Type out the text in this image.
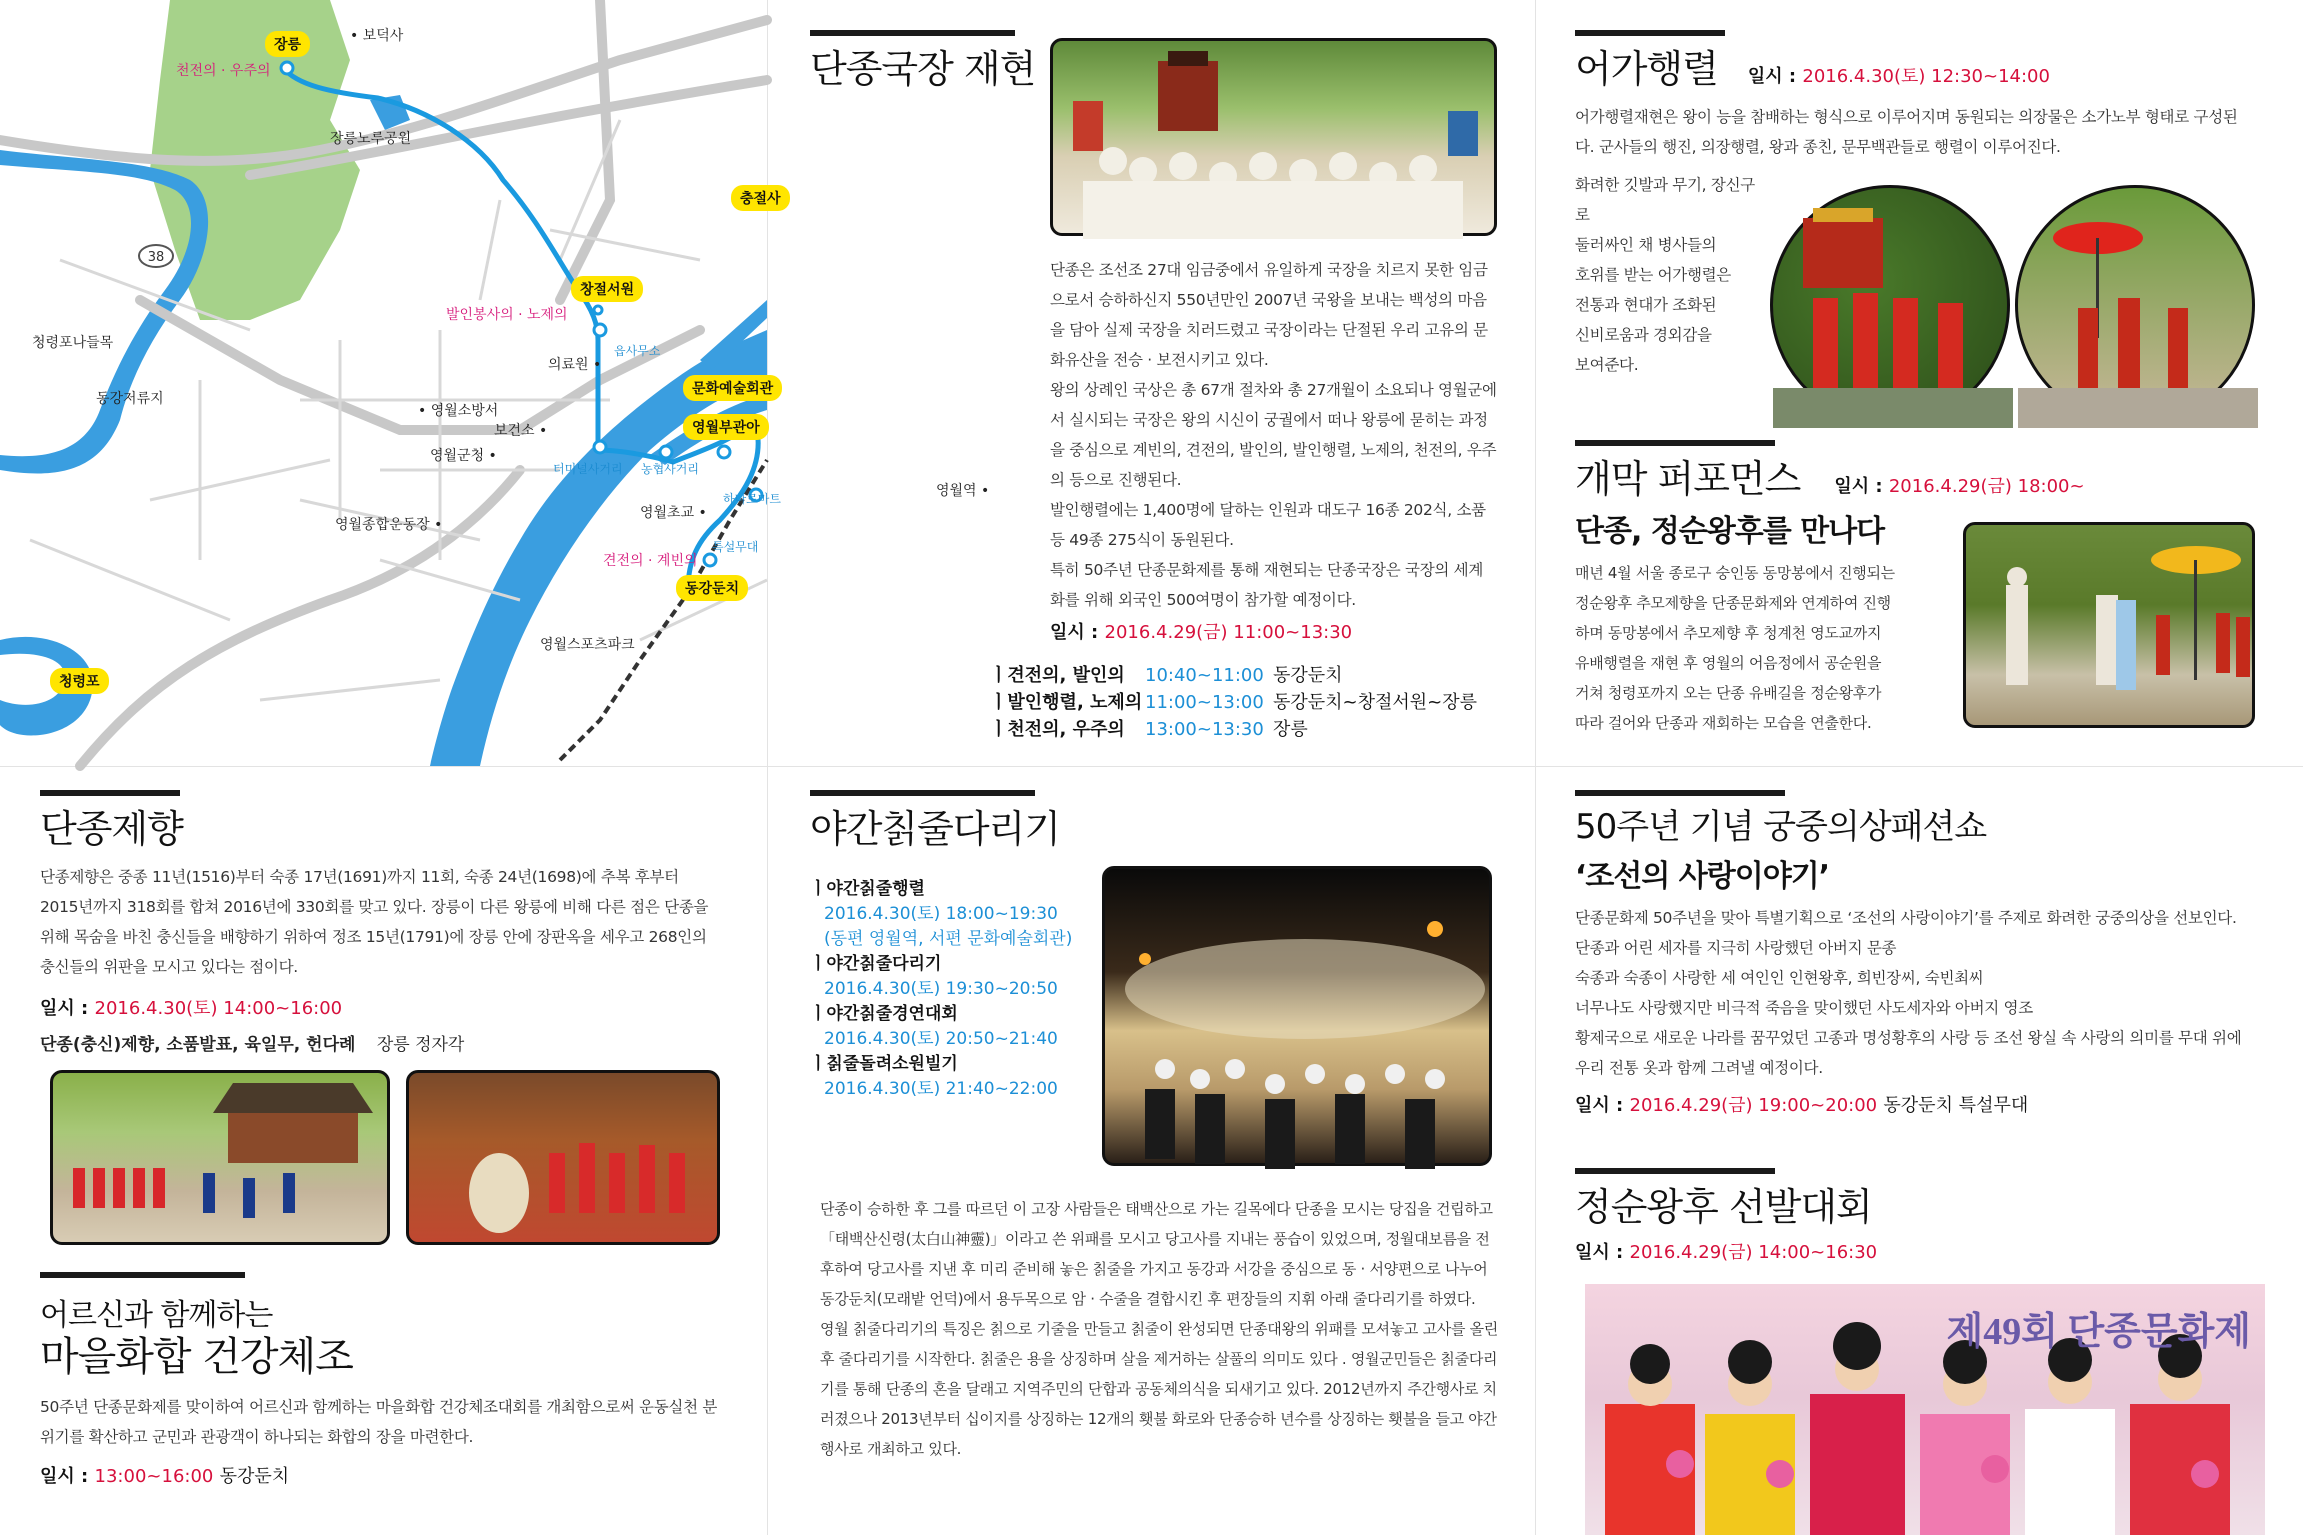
38
장릉
충절사
창절서원
문화예술회관
영월부관아
동강둔치
청령포
천전의 · 우주의
발인봉사의 · 노제의
견전의 · 계빈의
읍사무소
터미널사거리 농협사거리
하나로마트
특설무대
• 보덕사
장릉노루공원
청령포나들목
동강저류지
의료원 •
• 영월소방서
보건소 •
영월군청 •
영월종합운동장 •
영월초교 •
영월역 •
영월스포츠파크
단종국장 재현

단종은 조선조 27대 임금중에서 유일하게 국장을 치르지 못한 임금으로서 승하하신지 550년만인 2007년 국왕을 보내는 백성의 마음을 담아 실제 국장을 치러드렸고 국장이라는 단절된 우리 고유의 문화유산을 전승 · 보전시키고 있다.

왕의 상례인 국상은 총 67개 절차와 총 27개월이 소요되나 영월군에서 실시되는 국장은 왕의 시신이 궁궐에서 떠나 왕릉에 묻히는 과정을 중심으로 계빈의, 견전의, 발인의, 발인행렬, 노제의, 천전의, 우주의 등으로 진행된다.

발인행렬에는 1,400명에 달하는 인원과 대도구 16종 202식, 소품 등 49종 275식이 동원된다.

특히 50주년 단종문화제를 통해 재현되는 단종국장은 국장의 세계화를 위해 외국인 500여명이 참가할 예정이다.

일시 : 2016.4.29(금) 11:00~13:30
ㅣ견전의, 발인의 10:40~11:00 동강둔치
ㅣ발인행렬, 노제의 11:00~13:00 동강둔치~창절서원~장릉
ㅣ천전의, 우주의 13:00~13:30 장릉
어가행렬 일시 : 2016.4.30(토) 12:30~14:00

어가행렬재현은 왕이 능을 참배하는 형식으로 이루어지며 동원되는 의장물은 소가노부 형태로 구성된다. 군사들의 행진, 의장행렬, 왕과 종친, 문무백관들로 행렬이 이루어진다.

화려한 깃발과 무기, 장신구로
둘러싸인 채 병사들의
호위를 받는 어가행렬은
전통과 현대가 조화된
신비로움과 경외감을
보여준다.
개막 퍼포먼스 일시 : 2016.4.29(금) 18:00~
단종, 정순왕후를 만나다
매년 4월 서울 종로구 숭인동 동망봉에서 진행되는
정순왕후 추모제향을 단종문화제와 연계하여 진행
하며 동망봉에서 추모제향 후 청계천 영도교까지
유배행렬을 재현 후 영월의 어음정에서 공순원을
거쳐 청령포까지 오는 단종 유배길을 정순왕후가
따라 걸어와 단종과 재회하는 모습을 연출한다.
단종제향

단종제향은 중종 11년(1516)부터 숙종 17년(1691)까지 11회, 숙종 24년(1698)에 추복 후부터 2015년까지 318회를 합쳐 2016년에 330회를 맞고 있다. 장릉이 다른 왕릉에 비해 다른 점은 단종을 위해 목숨을 바친 충신들을 배향하기 위하여 정조 15년(1791)에 장릉 안에 장판옥을 세우고 268인의 충신들의 위판을 모시고 있다는 점이다.

일시 : 2016.4.30(토) 14:00~16:00
단종(충신)제향, 소품발표, 육일무, 헌다례 장릉 정자각
어르신과 함께하는
마을화합 건강체조

50주년 단종문화제를 맞이하여 어르신과 함께하는 마을화합 건강체조대회를 개최함으로써 운동실천 분위기를 확산하고 군민과 관광객이 하나되는 화합의 장을 마련한다.

일시 : 13:00~16:00 동강둔치
야간칡줄다리기
ㅣ야간칡줄행렬
2016.4.30(토) 18:00~19:30
(동편 영월역, 서편 문화예술회관)
ㅣ야간칡줄다리기
2016.4.30(토) 19:30~20:50
ㅣ야간칡줄경연대회
2016.4.30(토) 20:50~21:40
ㅣ칡줄돌려소원빌기
2016.4.30(토) 21:40~22:00

단종이 승하한 후 그를 따르던 이 고장 사람들은 태백산으로 가는 길목에다 단종을 모시는 당집을 건립하고 「태백산신령(太白山神靈)」이라고 쓴 위패를 모시고 당고사를 지내는 풍습이 있었으며, 정월대보름을 전후하여 당고사를 지낸 후 미리 준비해 놓은 칡줄을 가지고 동강과 서강을 중심으로 동 · 서양편으로 나누어 동강둔치(모래밭 언덕)에서 용두목으로 암 · 수줄을 결합시킨 후 편장들의 지휘 아래 줄다리기를 하였다.

영월 칡줄다리기의 특징은 칡으로 기줄을 만들고 칡줄이 완성되면 단종대왕의 위패를 모셔놓고 고사를 올린 후 줄다리기를 시작한다. 칡줄은 용을 상징하며 살을 제거하는 살풀의 의미도 있다 . 영월군민들은 칡줄다리기를 통해 단종의 혼을 달래고 지역주민의 단합과 공동체의식을 되새기고 있다. 2012년까지 주간행사로 치러졌으나 2013년부터 십이지를 상징하는 12개의 횃불 화로와 단종승하 년수를 상징하는 횃불을 들고 야간행사로 개최하고 있다.

50주년 기념 궁중의상패션쇼
‘조선의 사랑이야기’
단종문화제 50주년을 맞아 특별기획으로 ‘조선의 사랑이야기’를 주제로 화려한 궁중의상을 선보인다.
단종과 어린 세자를 지극히 사랑했던 아버지 문종
숙종과 숙종이 사랑한 세 여인인 인현왕후, 희빈장씨, 숙빈최씨
너무나도 사랑했지만 비극적 죽음을 맞이했던 사도세자와 아버지 영조
황제국으로 새로운 나라를 꿈꾸었던 고종과 명성황후의 사랑 등 조선 왕실 속 사랑의 의미를 무대 위에 우리 전통 옷과 함께 그려낼 예정이다.
일시 : 2016.4.29(금) 19:00~20:00 동강둔치 특설무대
정순왕후 선발대회
일시 : 2016.4.29(금) 14:00~16:30
제49회 단종문화제
